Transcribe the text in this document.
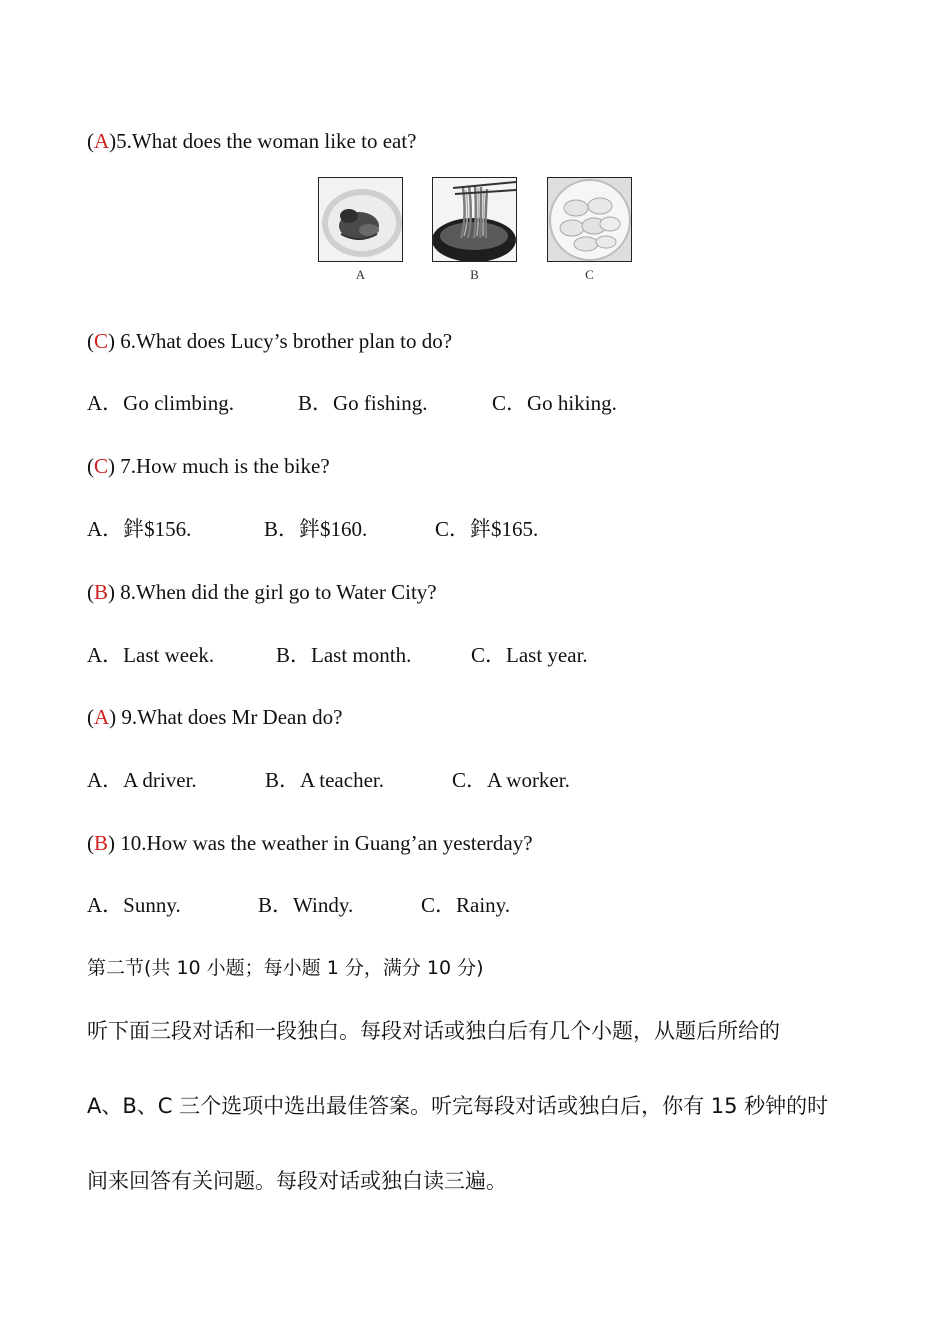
(A)5.What does the woman like to eat?
A	B	C
(C) 6.What does Lucy’s brother plan to do?

A．Go climbing.

	B．Go fishing.

	C．Go hiking.

(C) 7.How much is the bike?

A．鉡$156.

	B．鉡$160.

	C．鉡$165.

(B) 8.When did the girl go to Water City?

A．Last week.

	B．Last month.

	C．Last year.

(A) 9.What does Mr Dean do?

A．A driver.

	B．A teacher.

	C．A worker.

(B) 10.How was the weather in Guang’an yesterday?

A．Sunny.

	B．Windy.

	C．Rainy.

第二节(共 10 小题；每小题 1 分，满分 10 分)
听下面三段对话和一段独白。每段对话或独白后有几个小题，从题后所给的
A、B、C 三个选项中选出最佳答案。听完每段对话或独白后，你有 15 秒钟的时
间来回答有关问题。每段对话或独白读三遍。
